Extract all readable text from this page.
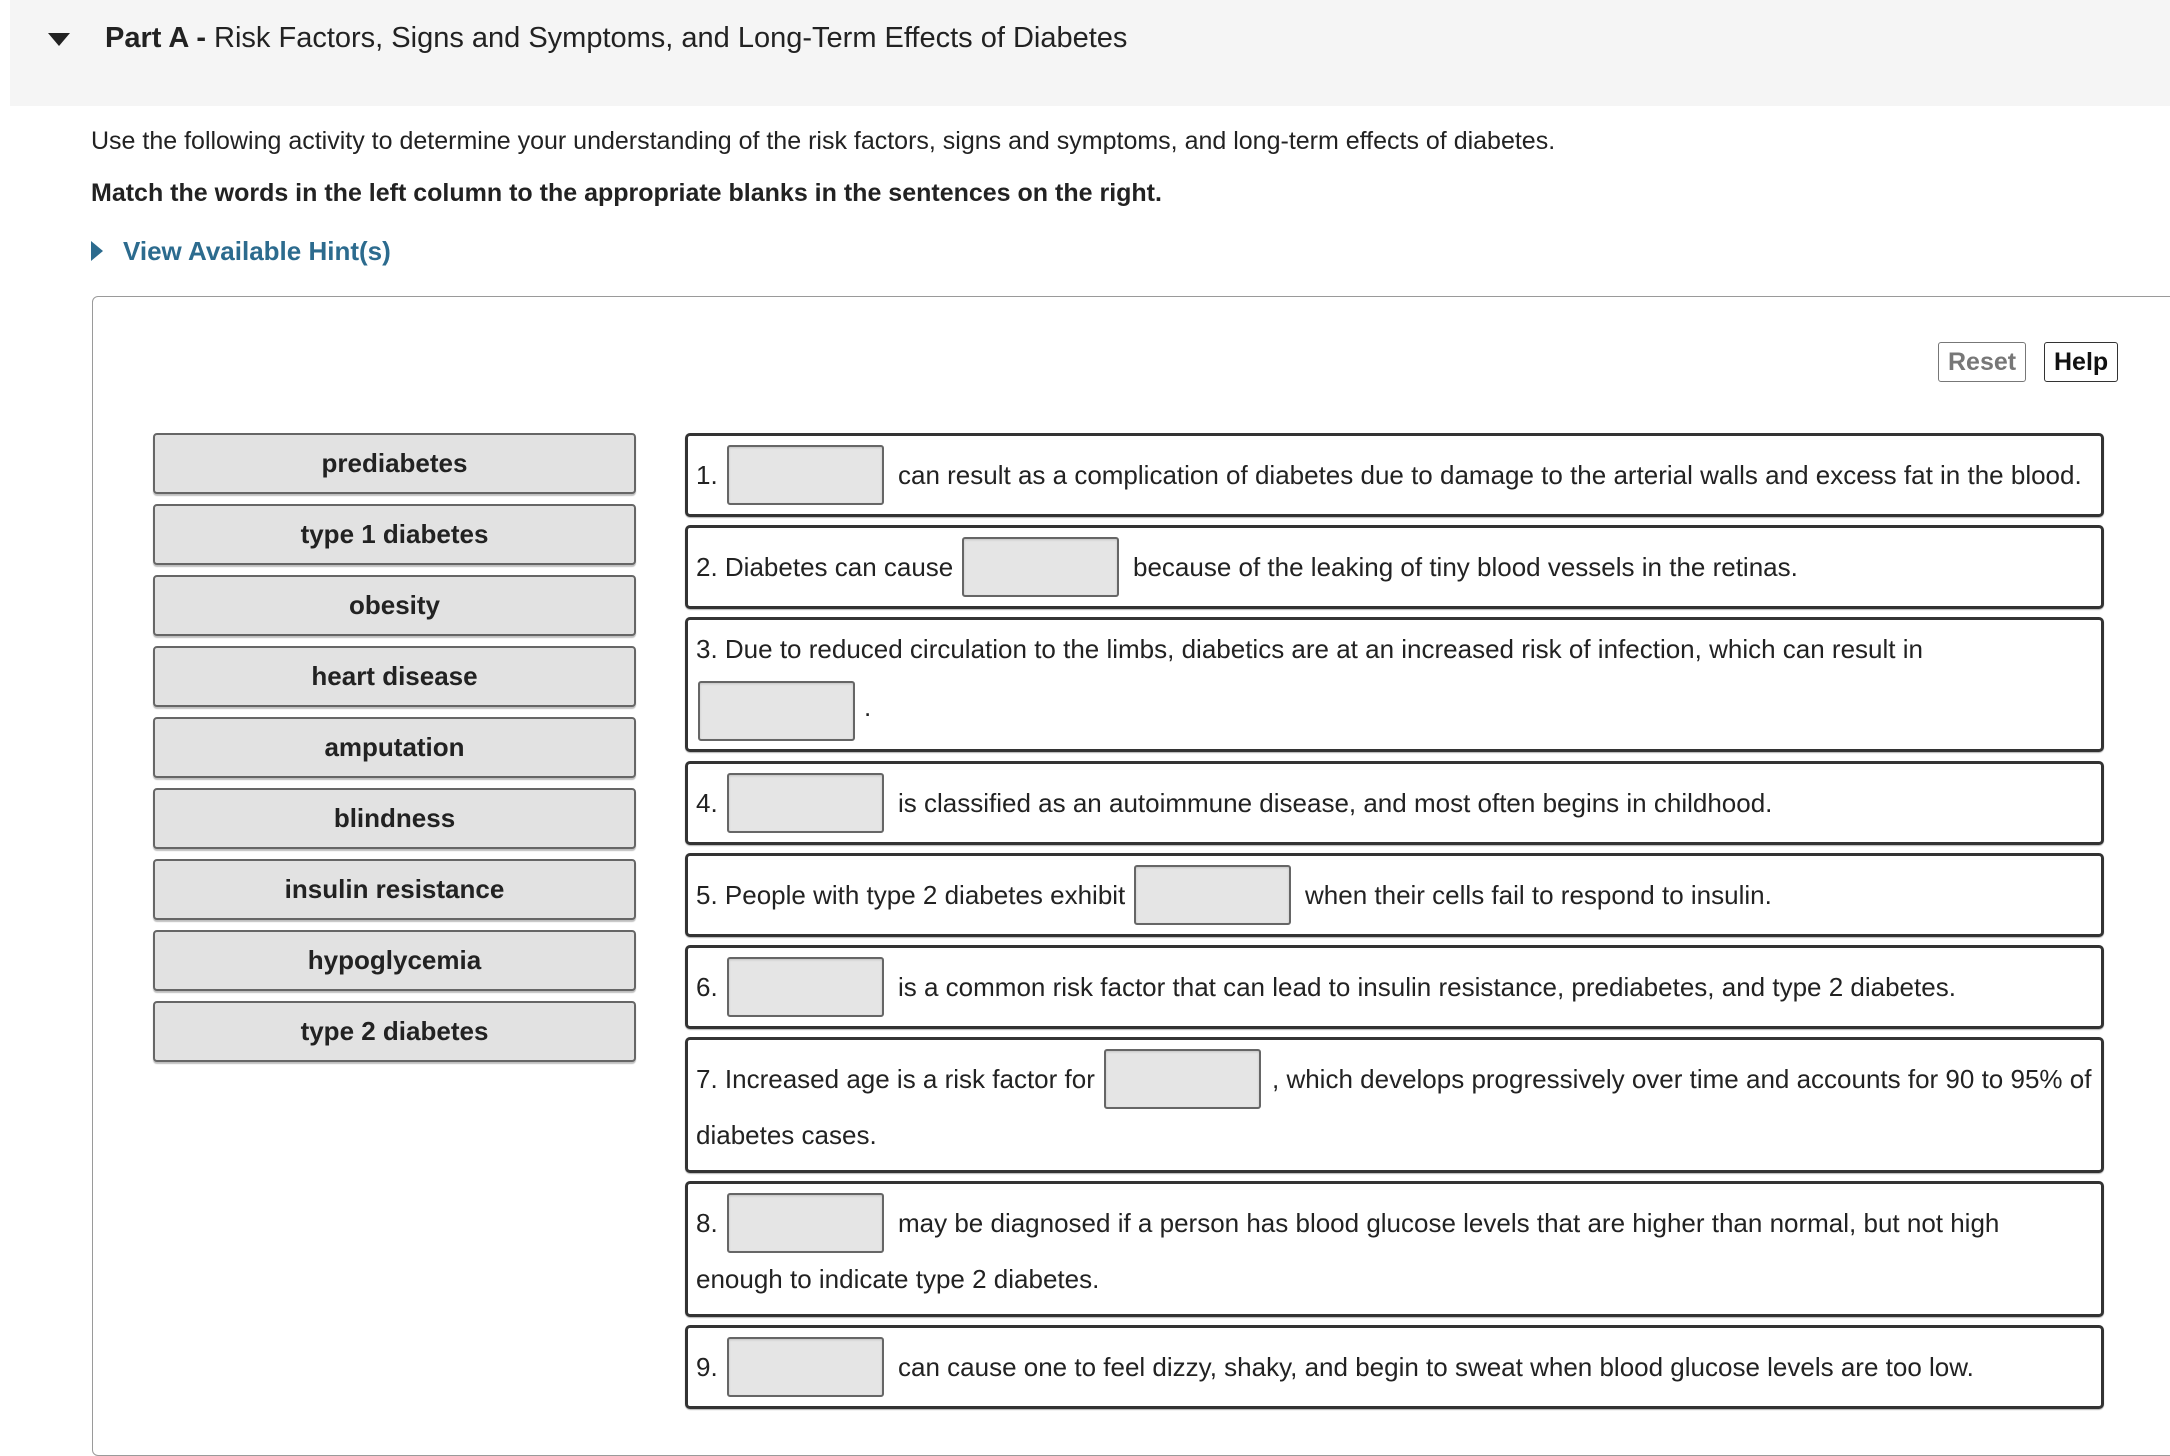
Part A - Risk Factors, Signs and Symptoms, and Long-Term Effects of Diabetes
Use the following activity to determine your understanding of the risk factors, signs and symptoms, and long-term effects of diabetes.
Match the words in the left column to the appropriate blanks in the sentences on the right.
View Available Hint(s)
Reset	Help
prediabetes
type 1 diabetes
obesity
heart disease
amputation
blindness
insulin resistance
hypoglycemia
type 2 diabetes
1.	can result as a complication of diabetes due to damage to the arterial walls and excess fat in the blood.
2. Diabetes can cause	because of the leaking of tiny blood vessels in the retinas.
3. Due to reduced circulation to the limbs, diabetics are at an increased risk of infection, which can result in
.
4.	is classified as an autoimmune disease, and most often begins in childhood.
5. People with type 2 diabetes exhibit	when their cells fail to respond to insulin.
6.	is a common risk factor that can lead to insulin resistance, prediabetes, and type 2 diabetes.
7. Increased age is a risk factor for	, which develops progressively over time and accounts for 90 to 95% of
diabetes cases.
8.	may be diagnosed if a person has blood glucose levels that are higher than normal, but not high
enough to indicate type 2 diabetes.
9.	can cause one to feel dizzy, shaky, and begin to sweat when blood glucose levels are too low.
